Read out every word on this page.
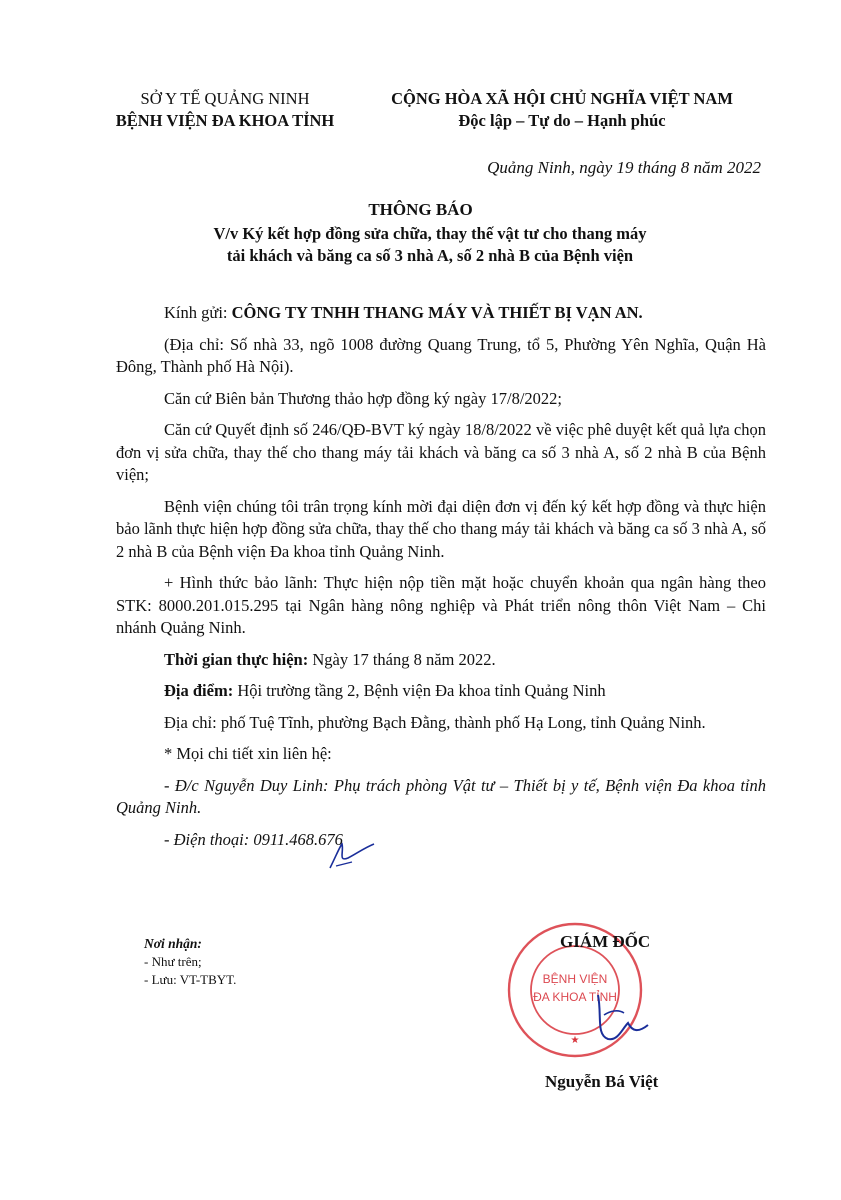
SỞ Y TẾ QUẢNG NINH
BỆNH VIỆN ĐA KHOA TỈNH
CỘNG HÒA XÃ HỘI CHỦ NGHĨA VIỆT NAM
Độc lập – Tự do – Hạnh phúc
Quảng Ninh, ngày 19 tháng 8 năm 2022
THÔNG BÁO
V/v Ký kết hợp đồng sửa chữa, thay thế vật tư cho thang máy
tải khách và băng ca số 3 nhà A, số 2 nhà B của Bệnh viện

Kính gửi: CÔNG TY TNHH THANG MÁY VÀ THIẾT BỊ VẠN AN.

(Địa chỉ: Số nhà 33, ngõ 1008 đường Quang Trung, tổ 5, Phường Yên Nghĩa, Quận Hà Đông, Thành phố Hà Nội).

Căn cứ Biên bản Thương thảo hợp đồng ký ngày 17/8/2022;

Căn cứ Quyết định số 246/QĐ-BVT ký ngày 18/8/2022 về việc phê duyệt kết quả lựa chọn đơn vị sửa chữa, thay thế cho thang máy tải khách và băng ca số 3 nhà A, số 2 nhà B của Bệnh viện;

Bệnh viện chúng tôi trân trọng kính mời đại diện đơn vị đến ký kết hợp đồng và thực hiện bảo lãnh thực hiện hợp đồng sửa chữa, thay thế cho thang máy tải khách và băng ca số 3 nhà A, số 2 nhà B của Bệnh viện Đa khoa tỉnh Quảng Ninh.

+ Hình thức bảo lãnh: Thực hiện nộp tiền mặt hoặc chuyển khoản qua ngân hàng theo STK: 8000.201.015.295 tại Ngân hàng nông nghiệp và Phát triển nông thôn Việt Nam – Chi nhánh Quảng Ninh.

Thời gian thực hiện: Ngày 17 tháng 8 năm 2022.

Địa điểm: Hội trường tầng 2, Bệnh viện Đa khoa tỉnh Quảng Ninh

Địa chỉ: phố Tuệ Tĩnh, phường Bạch Đằng, thành phố Hạ Long, tỉnh Quảng Ninh.

* Mọi chi tiết xin liên hệ:

- Đ/c Nguyễn Duy Linh: Phụ trách phòng Vật tư – Thiết bị y tế, Bệnh viện Đa khoa tỉnh Quảng Ninh.

- Điện thoại: 0911.468.676

Nơi nhận:
- Như trên;
- Lưu: VT-TBYT.	BỆNH VIỆN
ĐA KHOA TỈNH
★
GIÁM ĐỐC
Nguyễn Bá Việt
